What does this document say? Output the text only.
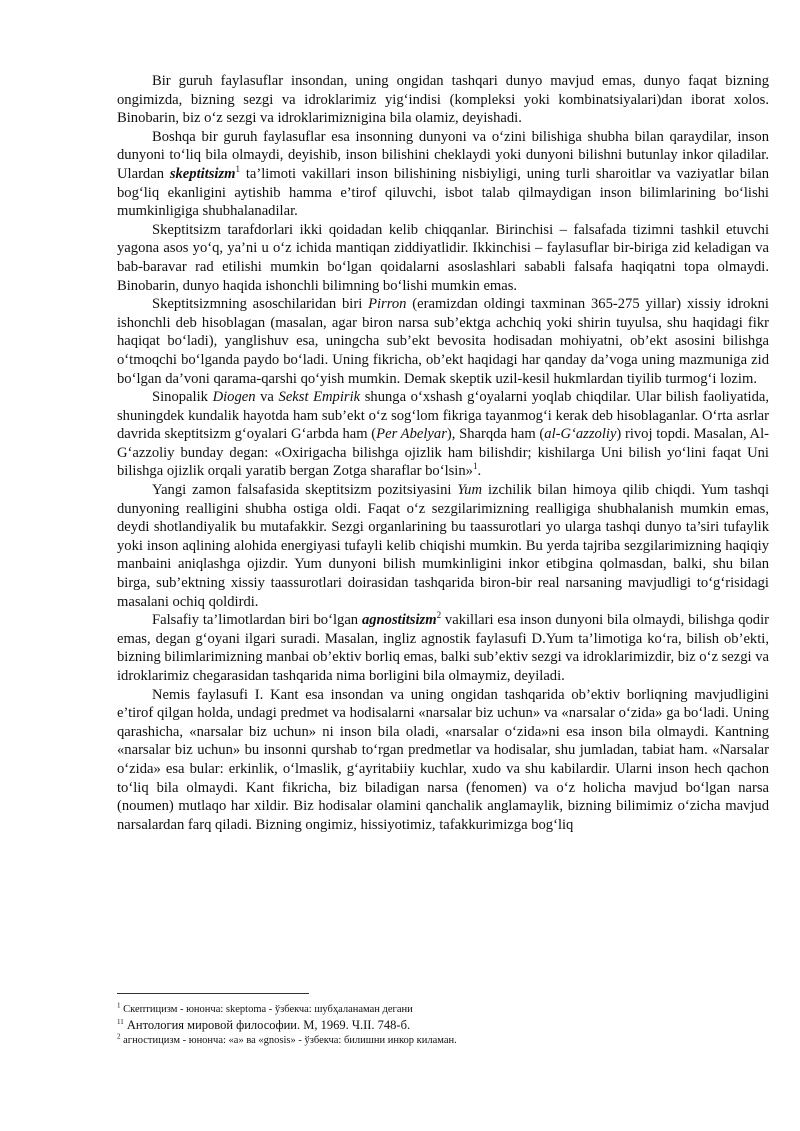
Bir guruh faylasuflar insondan, uning ongidan tashqari dunyo mavjud emas, dunyo faqat bizning ongimizda, bizning sezgi va idroklarimiz yig‘indisi (kompleksi yoki kombinatsiyalari)dan iborat xolos. Binobarin, biz o‘z sezgi va idroklarimiznigina bila olamiz, deyishadi.

Boshqa bir guruh faylasuflar esa insonning dunyoni va o‘zini bilishiga shubha bilan qaraydilar, inson dunyoni to‘liq bila olmaydi, deyishib, inson bilishini cheklaydi yoki dunyoni bilishni butunlay inkor qiladilar. Ulardan skeptitsizm$^1$ ta’limoti vakillari inson bilishining nisbiyligi, uning turli sharoitlar va vaziyatlar bilan bog‘liq ekanligini aytishib hamma e’tirof qiluvchi, isbot talab qilmaydigan inson bilimlarining bo‘lishi mumkinligiga shubhalanadilar.

Skeptitsizm tarafdorlari ikki qoidadan kelib chiqqanlar. Birinchisi – falsafada tizimni tashkil etuvchi yagona asos yo‘q, ya’ni u o‘z ichida mantiqan ziddiyatlidir. Ikkinchisi – faylasuflar bir-biriga zid keladigan va bab-baravar rad etilishi mumkin bo‘lgan qoidalarni asoslashlari sababli falsafa haqiqatni topa olmaydi. Binobarin, dunyo haqida ishonchli bilimning bo‘lishi mumkin emas.

Skeptitsizmning asoschilaridan biri Pirron (eramizdan oldingi taxminan 365-275 yillar) xissiy idrokni ishonchli deb hisoblagan (masalan, agar biron narsa sub’ektga achchiq yoki shirin tuyulsa, shu haqidagi fikr haqiqat bo‘ladi), yanglishuv esa, uningcha sub’ekt bevosita hodisadan mohiyatni, ob’ekt asosini bilishga o‘tmoqchi bo‘lganda paydo bo‘ladi. Uning fikricha, ob’ekt haqidagi har qanday da’voga uning mazmuniga zid bo‘lgan da’voni qarama-qarshi qo‘yish mumkin. Demak skeptik uzil-kesil hukmlardan tiyilib turmog‘i lozim.

Sinopalik Diogen va Sekst Empirik shunga o‘xshash g‘oyalarni yoqlab chiqdilar. Ular bilish faoliyatida, shuningdek kundalik hayotda ham sub’ekt o‘z sog‘lom fikriga tayanmog‘i kerak deb hisoblaganlar. O‘rta asrlar davrida skeptitsizm g‘oyalari G‘arbda ham (Per Abelyar), Sharqda ham (al-G‘azzoliy) rivoj topdi. Masalan, Al-G‘azzoliy bunday degan: «Oxirigacha bilishga ojizlik ham bilishdir; kishilarga Uni bilish yo‘lini faqat Uni bilishga ojizlik orqali yaratib bergan Zotga sharaflar bo‘lsin»$^1$.

Yangi zamon falsafasida skeptitsizm pozitsiyasini Yum izchilik bilan himoya qilib chiqdi. Yum tashqi dunyoning realligini shubha ostiga oldi. Faqat o‘z sezgilarimizning realligiga shubhalanish mumkin emas, deydi shotlandiyalik bu mutafakkir. Sezgi organlarining bu taassurotlari yo ularga tashqi dunyo ta’siri tufaylik yoki inson aqlining alohida energiyasi tufayli kelib chiqishi mumkin. Bu yerda tajriba sezgilarimizning haqiqiy manbaini aniqlashga ojizdir. Yum dunyoni bilish mumkinligini inkor etibgina qolmasdan, balki, shu bilan birga, sub’ektning xissiy taassurotlari doirasidan tashqarida biron-bir real narsaning mavjudligi to‘g‘risidagi masalani ochiq qoldirdi.

Falsafiy ta’limotlardan biri bo‘lgan agnostitsizm$^2$ vakillari esa inson dunyoni bila olmaydi, bilishga qodir emas, degan g‘oyani ilgari suradi. Masalan, ingliz agnostik faylasufi D.Yum ta’limotiga ko‘ra, bilish ob’ekti, bizning bilimlarimizning manbai ob’ektiv borliq emas, balki sub’ektiv sezgi va idroklarimizdir, biz o‘z sezgi va idroklarimiz chegarasidan tashqarida nima borligini bila olmaymiz, deyiladi.

Nemis faylasufi I. Kant esa insondan va uning ongidan tashqarida ob’ektiv borliqning mavjudligini e’tirof qilgan holda, undagi predmet va hodisalarni «narsalar biz uchun» va «narsalar o‘zida» ga bo‘ladi. Uning qarashicha, «narsalar biz uchun» ni inson bila oladi, «narsalar o‘zida»ni esa inson bila olmaydi. Kantning «narsalar biz uchun» bu insonni qurshab to‘rgan predmetlar va hodisalar, shu jumladan, tabiat ham. «Narsalar o‘zida» esa bular: erkinlik, o‘lmaslik, g‘ayritabiiy kuchlar, xudo va shu kabilardir. Ularni inson hech qachon to‘liq bila olmaydi. Kant fikricha, biz biladigan narsa (fenomen) va o‘z holicha mavjud bo‘lgan narsa (noumen) mutlaqo har xildir. Biz hodisalar olamini qanchalik anglamaylik, bizning bilimimiz o‘zicha mavjud narsalardan farq qiladi. Bizning ongimiz, hissiyotimiz, tafakkurimizga bog‘liq

$^1$ Скептицизм - юнонча: skeptoma - ўзбекча: шубҳаланаман дегани

$^{11}$ Антология мировой философии. М, 1969. Ч.II. 748-б.

$^2$ агностицизм - юнонча: «а» ва «gnosis» - ўзбекча: билишни инкор киламан.
